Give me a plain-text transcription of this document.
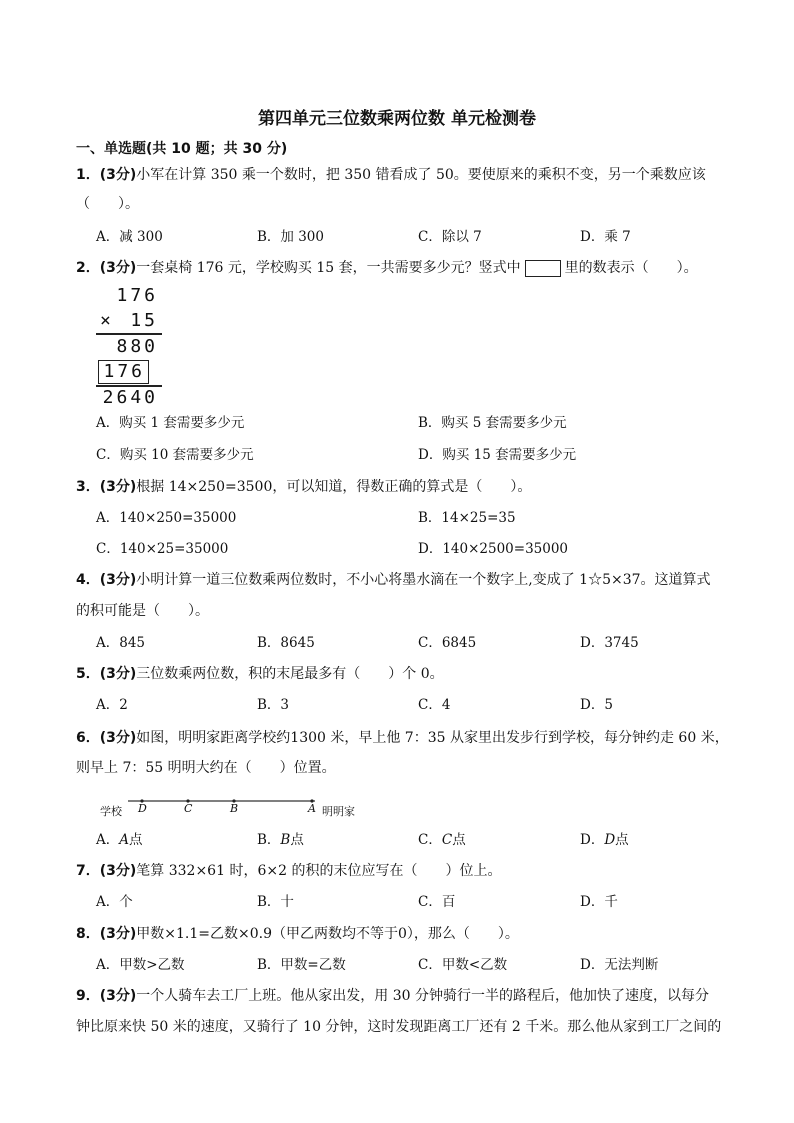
第四单元三位数乘两位数 单元检测卷
一、单选题(共 10 题；共 30 分)
1．(3分)小军在计算 350 乘一个数时，把 350 错看成了 50。要使原来的乘积不变，另一个乘数应该
（　　）。
A．减 300	B．加 300	C．除以 7	D．乘 7
2．(3分)一套桌椅 176 元，学校购买 15 套，一共需要多少元？竖式中	里的数表示（　　）。
176
× 15
880
176
2640
A．购买 1 套需要多少元	B．购买 5 套需要多少元
C．购买 10 套需要多少元	D．购买 15 套需要多少元
3．(3分)根据 14×250=3500，可以知道，得数正确的算式是（　　）。
A．140×250=35000	B．14×25=35
C．140×25=35000	D．140×2500=35000
4．(3分)小明计算一道三位数乘两位数时，不小心将墨水滴在一个数字上,变成了 1☆5×37。这道算式
的积可能是（　　）。
A．845	B．8645	C．6845	D．3745
5．(3分)三位数乘两位数，积的末尾最多有（　　）个 0。
A．2	B．3	C．4	D．5
6．(3分)如图，明明家距离学校约1300 米，早上他 7：35 从家里出发步行到学校，每分钟约走 60 米，
则早上 7：55 明明大约在（　　）位置。
学校 D	C	B	A 明明家
A．A点	B．B点	C．C点	D．D点
7．(3分)笔算 332×61 时，6×2 的积的末位应写在（　　）位上。
A．个	B．十	C．百	D．千
8．(3分)甲数×1.1=乙数×0.9（甲乙两数均不等于0），那么（　　）。
A．甲数>乙数	B．甲数=乙数	C．甲数<乙数	D．无法判断
9．(3分)一个人骑车去工厂上班。他从家出发，用 30 分钟骑行一半的路程后，他加快了速度，以每分
钟比原来快 50 米的速度，又骑行了 10 分钟，这时发现距离工厂还有 2 千米。那么他从家到工厂之间的
